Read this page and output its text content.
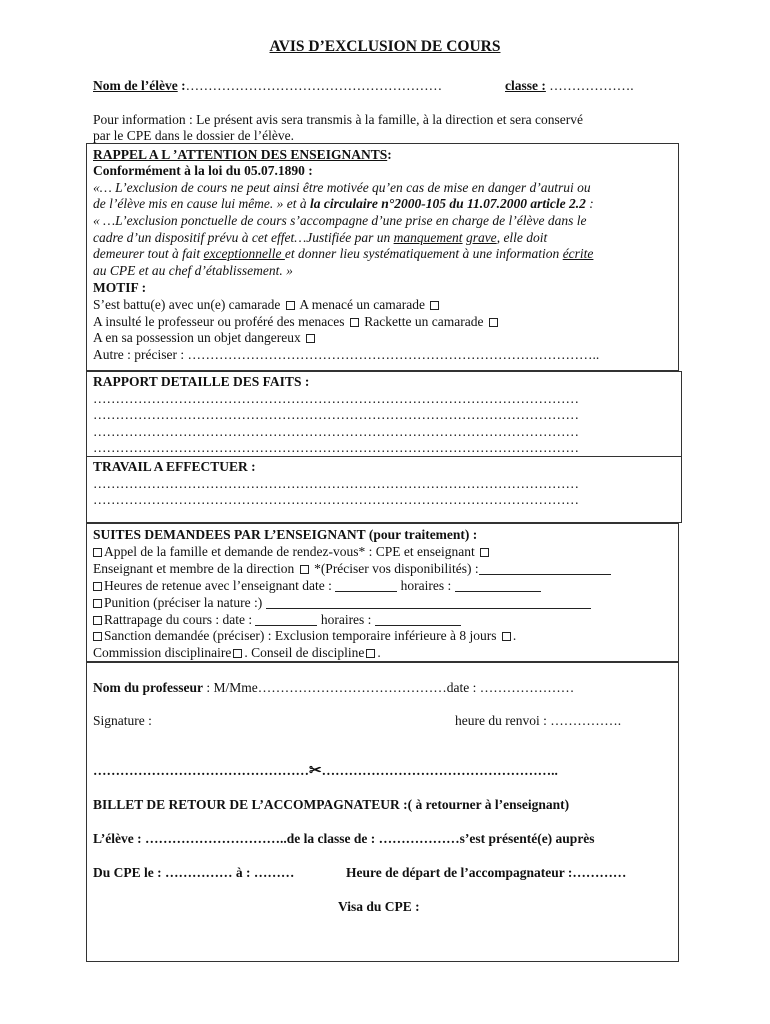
AVIS D’EXCLUSION DE COURS
Nom de l’élève :…………………………………………………	classe : ……………….
Pour information : Le présent avis sera transmis à la famille, à la direction et sera conservé
par le CPE dans le dossier de l’élève.
RAPPEL A L ’ATTENTION DES ENSEIGNANTS:
Conformément à la loi du 05.07.1890 :
«… L’exclusion de cours ne peut ainsi être motivée qu’en cas de mise en danger d’autrui ou
de l’élève mis en cause lui même. » et à la circulaire n°2000-105 du 11.07.2000 article 2.2 :
« …L’exclusion ponctuelle de cours s’accompagne d’une prise en charge de l’élève dans le
cadre d’un dispositif prévu à cet effet…Justifiée par un manquement grave, elle doit
demeurer tout à fait exceptionnelle et donner lieu systématiquement à une information écrite
au CPE et au chef d’établissement. »
MOTIF :
S’est battu(e) avec un(e) camarade A menacé un camarade
A insulté le professeur ou proféré des menaces Rackette un camarade
A en sa possession un objet dangereux
Autre : préciser : ………………………………………………………………………………..
RAPPORT DETAILLE DES FAITS :
………………………………………………………………………………………………
………………………………………………………………………………………………
………………………………………………………………………………………………
………………………………………………………………………………………………
TRAVAIL A EFFECTUER :
………………………………………………………………………………………………
………………………………………………………………………………………………
SUITES DEMANDEES PAR L’ENSEIGNANT (pour traitement) :
Appel de la famille et demande de rendez-vous* : CPE et enseignant
Enseignant et membre de la direction  *(Préciser vos disponibilités) :
Heures de retenue avec l’enseignant date :	horaires :
Punition (préciser la nature :)
Rattrapage du cours : date :	horaires :
Sanction demandée (préciser) : Exclusion temporaire inférieure à 8 jours .
Commission disciplinaire . Conseil de discipline .
Nom du professeur : M/Mme……………………………………date : …………………
Signature :	heure du renvoi : …………….
…………………………………………✂……………………………………………..
BILLET DE RETOUR DE L’ACCOMPAGNATEUR :( à retourner à l’enseignant)
L’élève : …………………………..de la classe de : ………………s’est présenté(e) auprès
Du CPE le : …………… à : ………	Heure de départ de l’accompagnateur :…………
Visa du CPE :
